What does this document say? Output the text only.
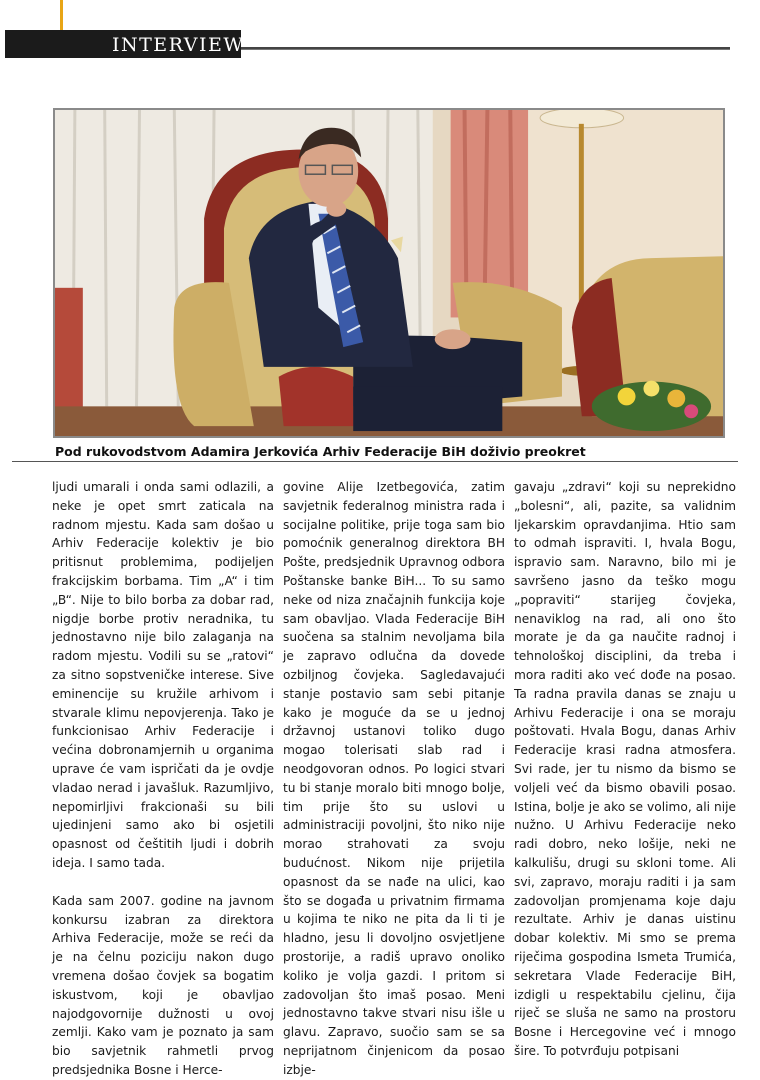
INTERVIEW
Pod rukovodstvom Adamira Jerkovića Arhiv Federacije BiH doživio preokret

ljudi umarali i onda sami odlazili, a neke je opet smrt zaticala na radnom mjestu. Kada sam došao u Arhiv Federacije kolektiv je bio pritisnut problemima, podijeljen frakcijskim borbama. Tim „A“ i tim „B“. Nije to bilo borba za dobar rad, nigdje borbe protiv neradnika, tu jednostavno nije bilo zalaganja na radom mjestu. Vodili su se „ratovi“ za sitno sopstveničke interese. Sive eminencije su kružile arhivom i stvarale klimu nepovjerenja. Tako je funkcionisao Arhiv Federacije i većina dobronamjernih u organima uprave će vam ispričati da je ovdje vladao nerad i javašluk. Razumljivo, nepomirljivi frakcionaši su bili ujedinjeni samo ako bi osjetili opasnost od češtitih ljudi i dobrih ideja. I samo tada.

Kada sam 2007. godine na javnom konkursu izabran za direktora Arhiva Federacije, može se reći da je na čelnu poziciju nakon dugo vremena došao čovjek sa bogatim iskustvom, koji je obavljao najodgovornije dužnosti u ovoj zemlji. Kako vam je poznato ja sam bio savjetnik rahmetli prvog predsjednika Bosne i Herce-

govine Alije Izetbegovića, zatim savjetnik federalnog ministra rada i socijalne politike, prije toga sam bio pomoćnik generalnog direktora BH Pošte, predsjednik Upravnog odbora Poštanske banke BiH... To su samo neke od niza značajnih funkcija koje sam obavljao. Vlada Federacije BiH suočena sa stalnim nevoljama bila je zapravo odlučna da dovede ozbiljnog čovjeka. Sagledavajući stanje postavio sam sebi pitanje kako je moguće da se u jednoj državnoj ustanovi toliko dugo mogao tolerisati slab rad i neodgovoran odnos. Po logici stvari tu bi stanje moralo biti mnogo bolje, tim prije što su uslovi u administraciji povoljni, što niko nije morao strahovati za svoju budućnost. Nikom nije prijetila opasnost da se nađe na ulici, kao što se događa u privatnim firmama u kojima te niko ne pita da li ti je hladno, jesu li dovoljno osvjetljene prostorije, a radiš upravo onoliko koliko je volja gazdi. I pritom si zadovoljan što imaš posao. Meni jednostavno takve stvari nisu išle u glavu. Zapravo, suočio sam se sa neprijatnom činjenicom da posao izbje-

gavaju „zdravi“ koji su neprekidno „bolesni“, ali, pazite, sa validnim ljekarskim opravdanjima. Htio sam to odmah ispraviti. I, hvala Bogu, ispravio sam. Naravno, bilo mi je savršeno jasno da teško mogu „popraviti“ starijeg čovjeka, nenaviklog na rad, ali ono što morate je da ga naučite radnoj i tehnološkoj disciplini, da treba i mora raditi ako već dođe na posao. Ta radna pravila danas se znaju u Arhivu Federacije i ona se moraju poštovati. Hvala Bogu, danas Arhiv Federacije krasi radna atmosfera. Svi rade, jer tu nismo da bismo se voljeli već da bismo obavili posao. Istina, bolje je ako se volimo, ali nije nužno. U Arhivu Federacije neko radi dobro, neko lošije, neki ne kalkulišu, drugi su skloni tome. Ali svi, zapravo, moraju raditi i ja sam zadovoljan promjenama koje daju rezultate. Arhiv je danas uistinu dobar kolektiv. Mi smo se prema riječima gospodina Ismeta Trumića, sekretara Vlade Federacije BiH, izdigli u respektabilu cjelinu, čija riječ se sluša ne samo na prostoru Bosne i Hercegovine već i mnogo šire. To potvrđuju potpisani
